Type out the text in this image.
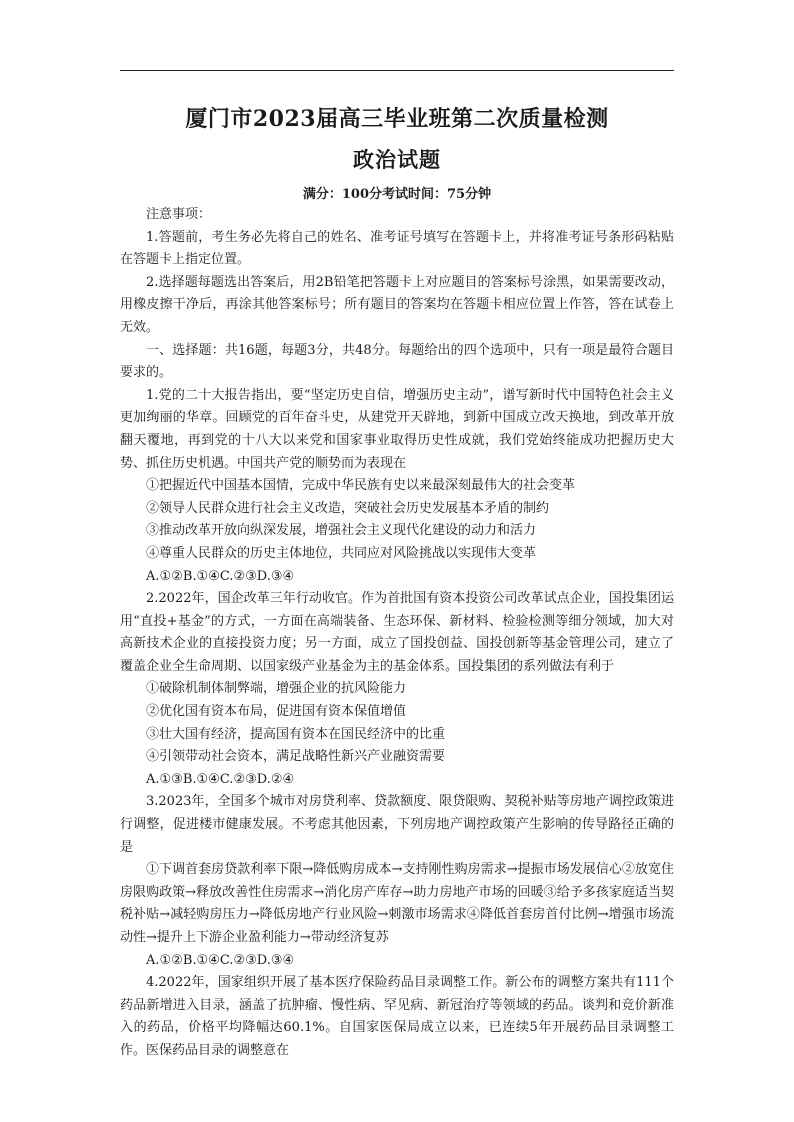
厦门市2023届高三毕业班第二次质量检测
政治试题
满分：100分考试时间：75分钟

注意事项：

1.答题前，考生务必先将自己的姓名、准考证号填写在答题卡上，并将准考证号条形码粘贴在答题卡上指定位置。

2.选择题每题选出答案后，用2B铅笔把答题卡上对应题目的答案标号涂黑，如果需要改动，用橡皮擦干净后，再涂其他答案标号；所有题目的答案均在答题卡相应位置上作答，答在试卷上无效。

一、选择题：共16题，每题3分，共48分。每题给出的四个选项中，只有一项是最符合题目要求的。

1.党的二十大报告指出，要“坚定历史自信，增强历史主动”，谱写新时代中国特色社会主义更加绚丽的华章。回顾党的百年奋斗史，从建党开天辟地，到新中国成立改天换地，到改革开放翻天覆地，再到党的十八大以来党和国家事业取得历史性成就，我们党始终能成功把握历史大势、抓住历史机遇。中国共产党的顺势而为表现在

①把握近代中国基本国情，完成中华民族有史以来最深刻最伟大的社会变革

②领导人民群众进行社会主义改造，突破社会历史发展基本矛盾的制约

③推动改革开放向纵深发展，增强社会主义现代化建设的动力和活力

④尊重人民群众的历史主体地位，共同应对风险挑战以实现伟大变革

A.①②B.①④C.②③D.③④

2.2022年，国企改革三年行动收官。作为首批国有资本投资公司改革试点企业，国投集团运用“直投+基金”的方式，一方面在高端装备、生态环保、新材料、检验检测等细分领域，加大对高新技术企业的直接投资力度；另一方面，成立了国投创益、国投创新等基金管理公司，建立了覆盖企业全生命周期、以国家级产业基金为主的基金体系。国投集团的系列做法有利于

①破除机制体制弊端，增强企业的抗风险能力

②优化国有资本布局，促进国有资本保值增值

③壮大国有经济，提高国有资本在国民经济中的比重

④引领带动社会资本，满足战略性新兴产业融资需要

A.①③B.①④C.②③D.②④

3.2023年，全国多个城市对房贷利率、贷款额度、限贷限购、契税补贴等房地产调控政策进行调整，促进楼市健康发展。不考虑其他因素，下列房地产调控政策产生影响的传导路径正确的是

①下调首套房贷款利率下限→降低购房成本→支持刚性购房需求→提振市场发展信心②放宽住房限购政策→释放改善性住房需求→消化房产库存→助力房地产市场的回暖③给予多孩家庭适当契税补贴→减轻购房压力→降低房地产行业风险→刺激市场需求④降低首套房首付比例→增强市场流动性→提升上下游企业盈利能力→带动经济复苏

A.①②B.①④C.②③D.③④

4.2022年，国家组织开展了基本医疗保险药品目录调整工作。新公布的调整方案共有111个药品新增进入目录，涵盖了抗肿瘤、慢性病、罕见病、新冠治疗等领域的药品。谈判和竞价新准入的药品，价格平均降幅达60.1%。自国家医保局成立以来，已连续5年开展药品目录调整工作。医保药品目录的调整意在
